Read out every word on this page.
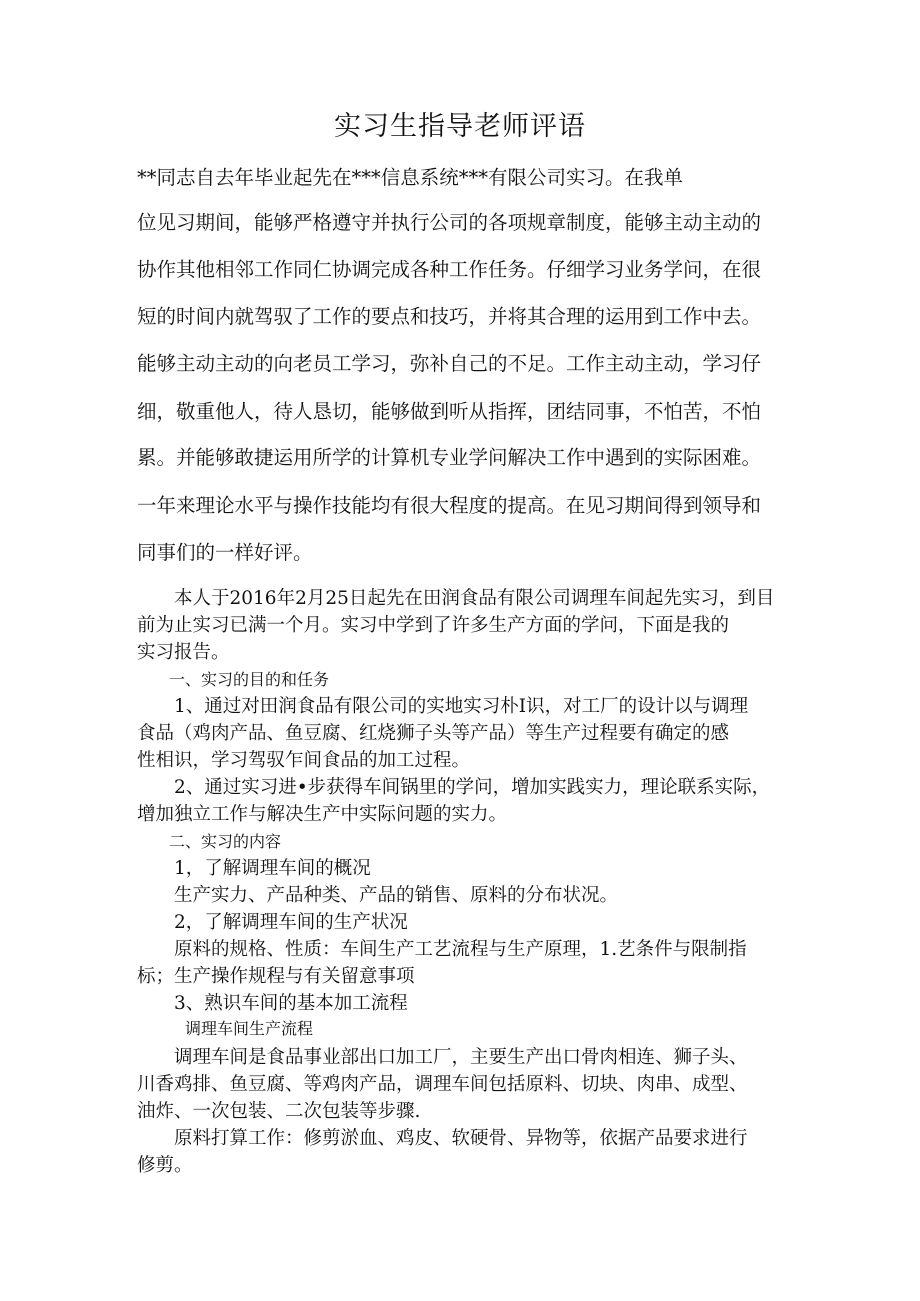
实习生指导老师评语
**同志自去年毕业起先在***信息系统***有限公司实习。在我单
位见习期间，能够严格遵守并执行公司的各项规章制度，能够主动主动的
协作其他相邻工作同仁协调完成各种工作任务。仔细学习业务学问，在很
短的时间内就驾驭了工作的要点和技巧，并将其合理的运用到工作中去。
能够主动主动的向老员工学习，弥补自己的不足。工作主动主动，学习仔
细，敬重他人，待人恳切，能够做到听从指挥，团结同事，不怕苦，不怕
累。并能够敢捷运用所学的计算机专业学问解决工作中遇到的实际困难。
一年来理论水平与操作技能均有很大程度的提高。在见习期间得到领导和
同事们的一样好评。
　　本人于2016年2月25日起先在田润食品有限公司调理车间起先实习，到目
前为止实习已满一个月。实习中学到了许多生产方面的学问，下面是我的
实习报告。
　　一、实习的目的和任务
　　1、通过对田润食品有限公司的实地实习朴I识，对工厂的设计以与调理
食品（鸡肉产品、鱼豆腐、红烧狮子头等产品）等生产过程要有确定的感
性相识，学习驾驭乍间食品的加工过程。
　　2、通过实习进•步获得车间锅里的学问，增加实践实力，理论联系实际，
增加独立工作与解决生产中实际问题的实力。
　　二、实习的内容
　　1，了解调理车间的概况
　　生产实力、产品种类、产品的销售、原料的分布状况。
　　2，了解调理车间的生产状况
　　原料的规格、性质：车间生产工艺流程与生产原理，1.艺条件与限制指
标；生产操作规程与有关留意事项
　　3、熟识车间的基本加工流程
　　　调理车间生产流程
　　调理车间是食品事业部出口加工厂，主要生产出口骨肉相连、狮子头、
川香鸡排、鱼豆腐、等鸡肉产品，调理车间包括原料、切块、肉串、成型、
油炸、一次包装、二次包装等步骤.
　　原料打算工作：修剪淤血、鸡皮、软硬骨、异物等，依据产品要求进行
修剪。
